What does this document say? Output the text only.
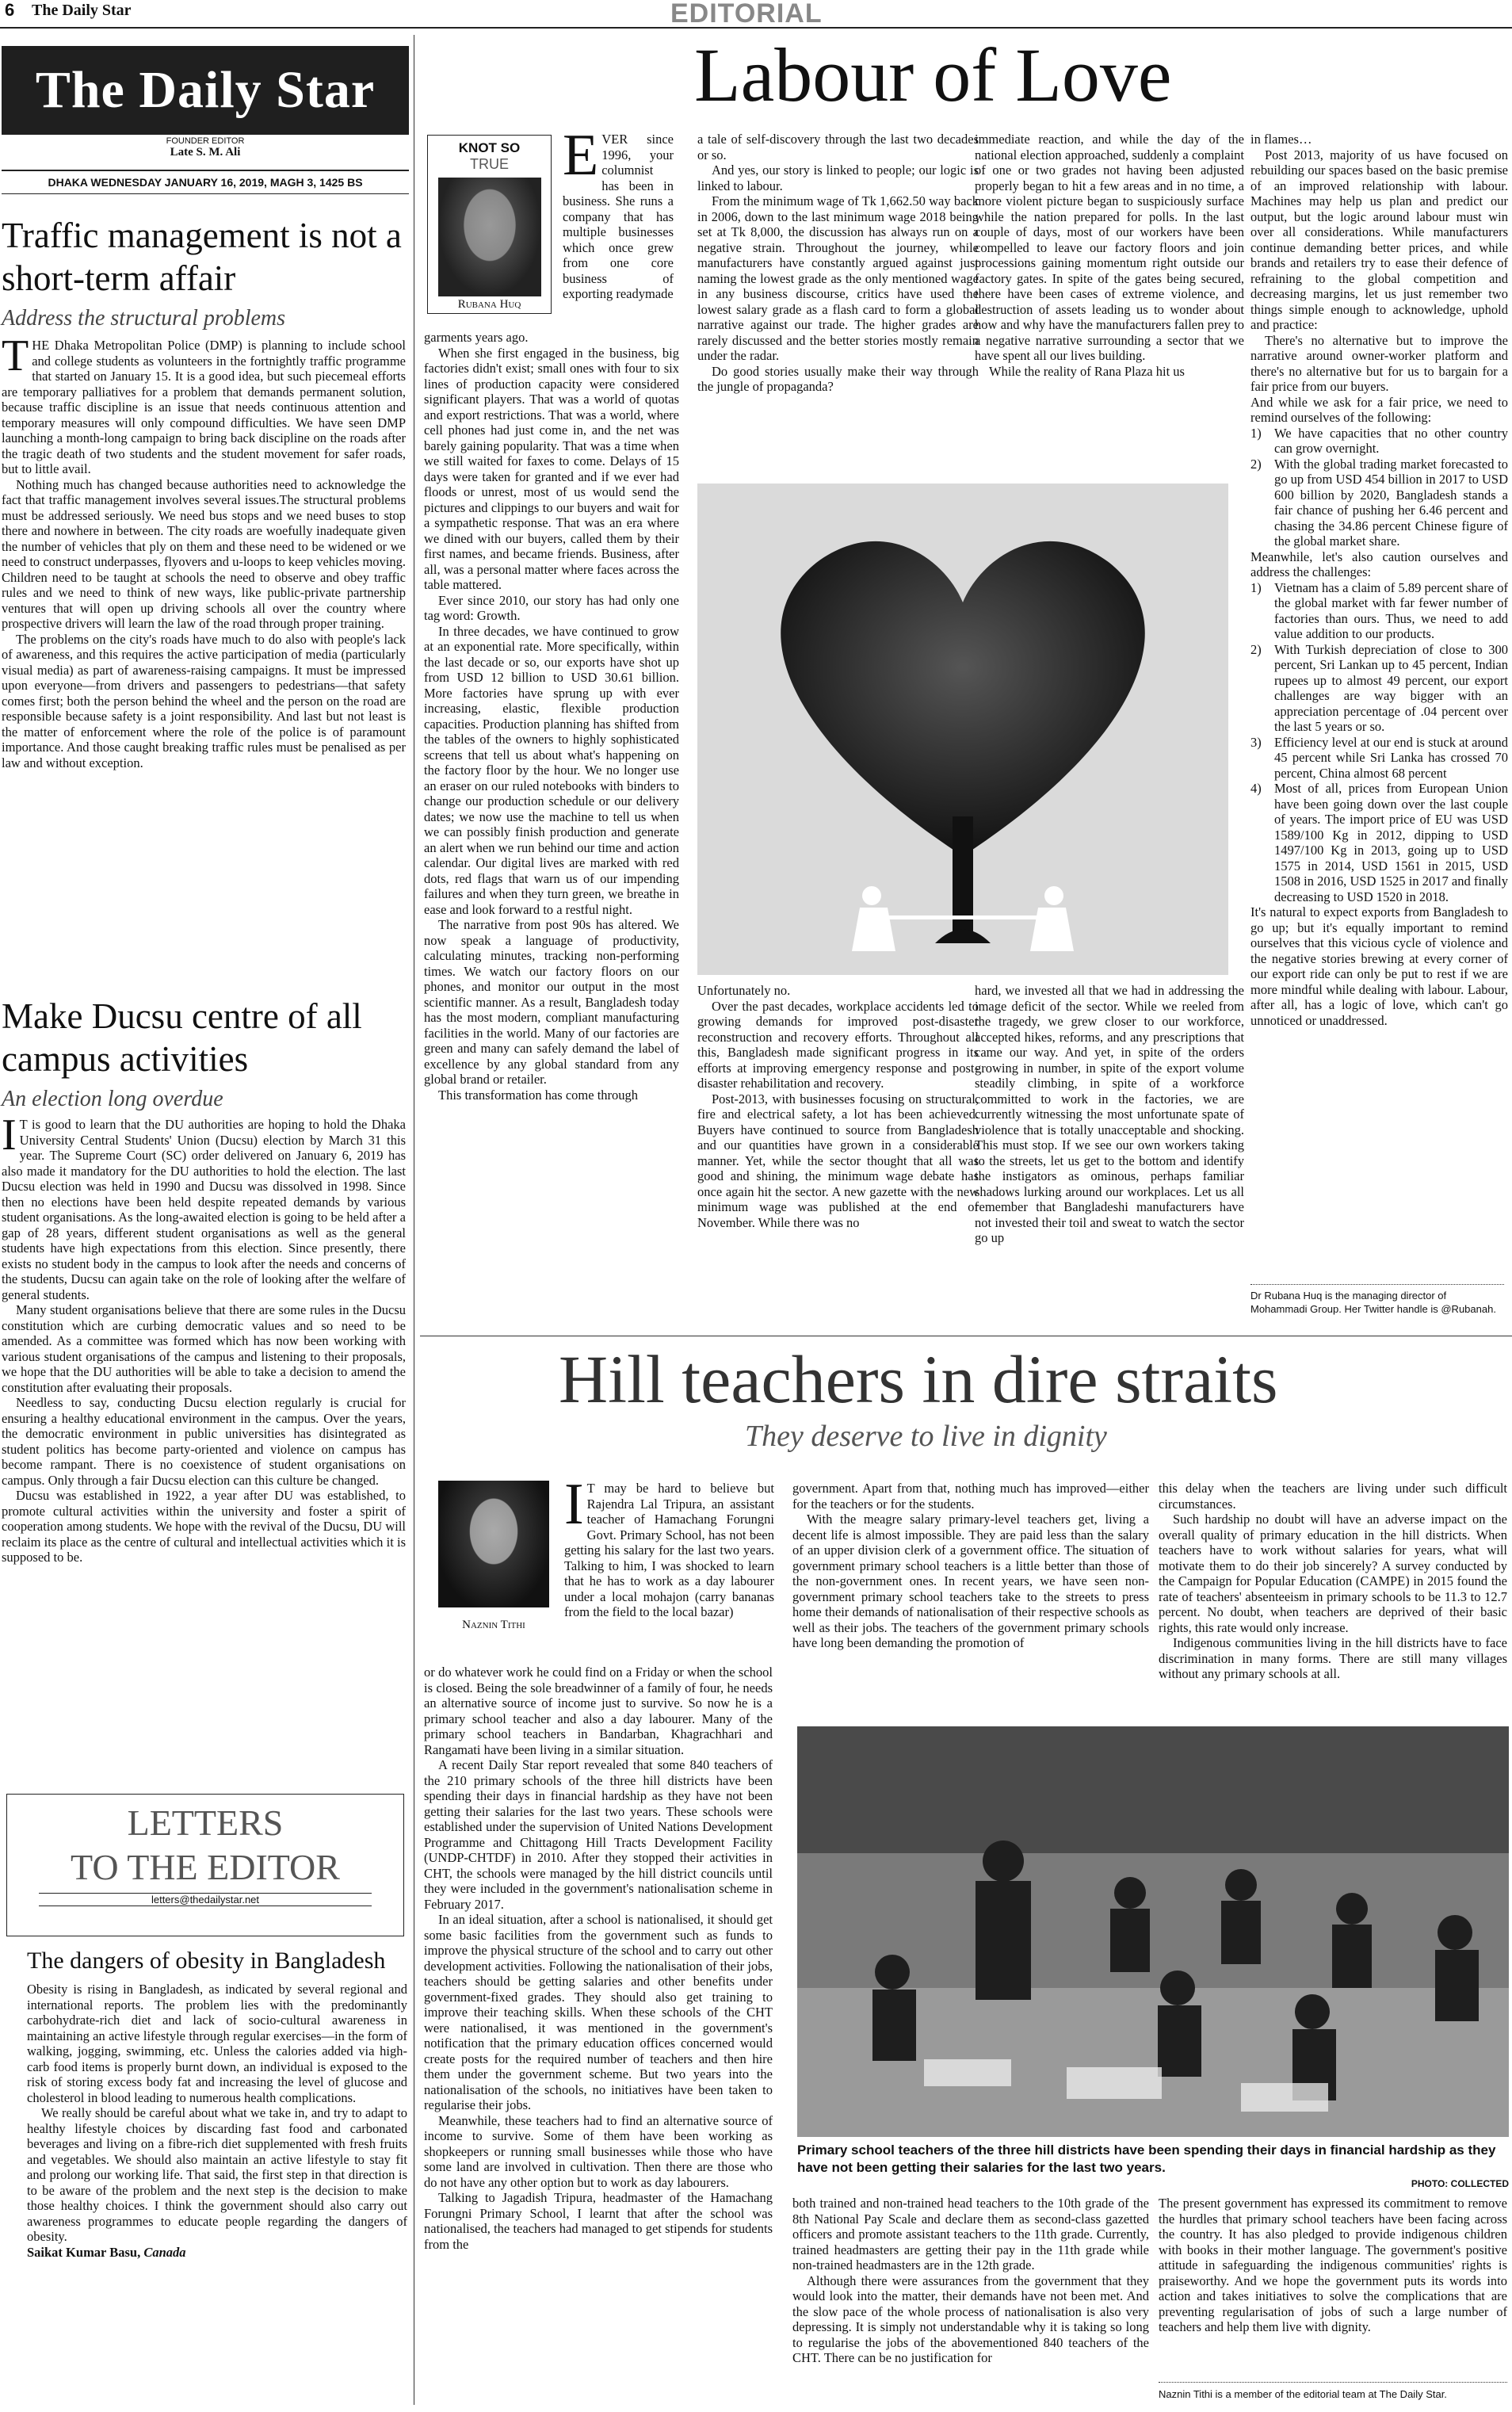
6 The Daily Star	EDITORIAL
The Daily Star
FOUNDER EDITOR
Late S. M. Ali
DHAKA WEDNESDAY JANUARY 16, 2019, MAGH 3, 1425 BS
Traffic management is not a short-term affair
Address the structural problems
T HE Dhaka Metropolitan Police (DMP) is planning to include school and college students as volunteers in the fortnightly traffic programme that started on January 15. It is a good idea, but such piecemeal efforts are temporary palliatives for a problem that demands permanent solution, because traffic discipline is an issue that needs continuous attention and temporary measures will only compound difficulties. We have seen DMP launching a month-long campaign to bring back discipline on the roads after the tragic death of two students and the student movement for safer roads, but to little avail.

Nothing much has changed because authorities need to acknowledge the fact that traffic management involves several issues.The structural problems must be addressed seriously. We need bus stops and we need buses to stop there and nowhere in between. The city roads are woefully inadequate given the number of vehicles that ply on them and these need to be widened or we need to construct underpasses, flyovers and u-loops to keep vehicles moving. Children need to be taught at schools the need to observe and obey traffic rules and we need to think of new ways, like public-private partnership ventures that will open up driving schools all over the country where prospective drivers will learn the law of the road through proper training.

The problems on the city's roads have much to do also with people's lack of awareness, and this requires the active participation of media (particularly visual media) as part of awareness-raising campaigns. It must be impressed upon everyone—from drivers and passengers to pedestrians—that safety comes first; both the person behind the wheel and the person on the road are responsible because safety is a joint responsibility. And last but not least is the matter of enforcement where the role of the police is of paramount importance. And those caught breaking traffic rules must be penalised as per law and without exception.

Make Ducsu centre of all campus activities
An election long overdue
I T is good to learn that the DU authorities are hoping to hold the Dhaka University Central Students' Union (Ducsu) election by March 31 this year. The Supreme Court (SC) order delivered on January 6, 2019 has also made it mandatory for the DU authorities to hold the election. The last Ducsu election was held in 1990 and Ducsu was dissolved in 1998. Since then no elections have been held despite repeated demands by various student organisations. As the long-awaited election is going to be held after a gap of 28 years, different student organisations as well as the general students have high expectations from this election. Since presently, there exists no student body in the campus to look after the needs and concerns of the students, Ducsu can again take on the role of looking after the welfare of general students.

Many student organisations believe that there are some rules in the Ducsu constitution which are curbing democratic values and so need to be amended. As a committee was formed which has now been working with various student organisations of the campus and listening to their proposals, we hope that the DU authorities will be able to take a decision to amend the constitution after evaluating their proposals.

Needless to say, conducting Ducsu election regularly is crucial for ensuring a healthy educational environment in the campus. Over the years, the democratic environment in public universities has disintegrated as student politics has become party-oriented and violence on campus has become rampant. There is no coexistence of student organisations on campus. Only through a fair Ducsu election can this culture be changed.

Ducsu was established in 1922, a year after DU was established, to promote cultural activities within the university and foster a spirit of cooperation among students. We hope with the revival of the Ducsu, DU will reclaim its place as the centre of cultural and intellectual activities which it is supposed to be.

LETTERS
TO THE EDITOR
letters@thedailystar.net
The dangers of obesity in Bangladesh

Obesity is rising in Bangladesh, as indicated by several regional and international reports. The problem lies with the predominantly carbohydrate-rich diet and lack of socio-cultural awareness in maintaining an active lifestyle through regular exercises—in the form of walking, jogging, swimming, etc. Unless the calories added via high-carb food items is properly burnt down, an individual is exposed to the risk of storing excess body fat and increasing the level of glucose and cholesterol in blood leading to numerous health complications.

We really should be careful about what we take in, and try to adapt to healthy lifestyle choices by discarding fast food and carbonated beverages and living on a fibre-rich diet supplemented with fresh fruits and vegetables. We should also maintain an active lifestyle to stay fit and prolong our working life. That said, the first step in that direction is to be aware of the problem and the next step is the decision to make those healthy choices. I think the government should also carry out awareness programmes to educate people regarding the dangers of obesity.

Saikat Kumar Basu, Canada

Labour of Love
KNOT SO
TRUE
Rubana Huq
E VER since 1996, your columnist has been in business. She runs a company that has multiple businesses which once grew from one core business of exporting readymade

garments years ago.

When she first engaged in the business, big factories didn't exist; small ones with four to six lines of production capacity were considered significant players. That was a world of quotas and export restrictions. That was a world, where cell phones had just come in, and the net was barely gaining popularity. That was a time when we still waited for faxes to come. Delays of 15 days were taken for granted and if we ever had floods or unrest, most of us would send the pictures and clippings to our buyers and wait for a sympathetic response. That was an era where we dined with our buyers, called them by their first names, and became friends. Business, after all, was a personal matter where faces across the table mattered.

Ever since 2010, our story has had only one tag word: Growth.

In three decades, we have continued to grow at an exponential rate. More specifically, within the last decade or so, our exports have shot up from USD 12 billion to USD 30.61 billion. More factories have sprung up with ever increasing, elastic, flexible production capacities. Production planning has shifted from the tables of the owners to highly sophisticated screens that tell us about what's happening on the factory floor by the hour. We no longer use an eraser on our ruled notebooks with binders to change our production schedule or our delivery dates; we now use the machine to tell us when we can possibly finish production and generate an alert when we run behind our time and action calendar. Our digital lives are marked with red dots, red flags that warn us of our impending failures and when they turn green, we breathe in ease and look forward to a restful night.

The narrative from post 90s has altered. We now speak a language of productivity, calculating minutes, tracking non-performing times. We watch our factory floors on our phones, and monitor our output in the most scientific manner. As a result, Bangladesh today has the most modern, compliant manufacturing facilities in the world. Many of our factories are green and many can safely demand the label of excellence by any global standard from any global brand or retailer.

This transformation has come through

a tale of self-discovery through the last two decades or so.

And yes, our story is linked to people; our logic is linked to labour.

From the minimum wage of Tk 1,662.50 way back in 2006, down to the last minimum wage 2018 being set at Tk 8,000, the discussion has always run on a negative strain. Throughout the journey, while manufacturers have constantly argued against just naming the lowest grade as the only mentioned wage in any business discourse, critics have used the lowest salary grade as a flash card to form a global narrative against our trade. The higher grades are rarely discussed and the better stories mostly remain under the radar.

Do good stories usually make their way through the jungle of propaganda?

immediate reaction, and while the day of the national election approached, suddenly a complaint of one or two grades not having been adjusted properly began to hit a few areas and in no time, a more violent picture began to suspiciously surface while the nation prepared for polls. In the last couple of days, most of our workers have been compelled to leave our factory floors and join processions gaining momentum right outside our factory gates. In spite of the gates being secured, there have been cases of extreme violence, and destruction of assets leading us to wonder about how and why have the manufacturers fallen prey to a negative narrative surrounding a sector that we have spent all our lives building.

While the reality of Rana Plaza hit us

Unfortunately no.

Over the past decades, workplace accidents led to growing demands for improved post-disaster reconstruction and recovery efforts. Throughout all this, Bangladesh made significant progress in its efforts at improving emergency response and post-disaster rehabilitation and recovery.

Post-2013, with businesses focusing on structural, fire and electrical safety, a lot has been achieved. Buyers have continued to source from Bangladesh and our quantities have grown in a considerable manner. Yet, while the sector thought that all was good and shining, the minimum wage debate has once again hit the sector. A new gazette with the new minimum wage was published at the end of November. While there was no

hard, we invested all that we had in addressing the image deficit of the sector. While we reeled from the tragedy, we grew closer to our workforce, accepted hikes, reforms, and any prescriptions that came our way. And yet, in spite of the orders growing in number, in spite of the export volume steadily climbing, in spite of a workforce committed to work in the factories, we are currently witnessing the most unfortunate spate of violence that is totally unacceptable and shocking. This must stop. If we see our own workers taking to the streets, let us get to the bottom and identify the instigators as ominous, perhaps familiar shadows lurking around our workplaces. Let us all remember that Bangladeshi manufacturers have not invested their toil and sweat to watch the sector go up

in flames…

Post 2013, majority of us have focused on rebuilding our spaces based on the basic premise of an improved relationship with labour. Machines may help us plan and predict our output, but the logic around labour must win over all considerations. While manufacturers continue demanding better prices, and while brands and retailers try to ease their defence of refraining to the global competition and decreasing margins, let us just remember two things simple enough to acknowledge, uphold and practice:

There's no alternative but to improve the narrative around owner-worker platform and there's no alternative but for us to bargain for a fair price from our buyers.

And while we ask for a fair price, we need to remind ourselves of the following:

1) We have capacities that no other country can grow overnight.
2) With the global trading market forecasted to go up from USD 454 billion in 2017 to USD 600 billion by 2020, Bangladesh stands a fair chance of pushing her 6.46 percent and chasing the 34.86 percent Chinese figure of the global market share.

Meanwhile, let's also caution ourselves and address the challenges:

1) Vietnam has a claim of 5.89 percent share of the global market with far fewer number of factories than ours. Thus, we need to add value addition to our products.
2) With Turkish depreciation of close to 300 percent, Sri Lankan up to 45 percent, Indian rupees up to almost 49 percent, our export challenges are way bigger with an appreciation percentage of .04 percent over the last 5 years or so.
3) Efficiency level at our end is stuck at around 45 percent while Sri Lanka has crossed 70 percent, China almost 68 percent
4) Most of all, prices from European Union have been going down over the last couple of years. The import price of EU was USD 1589/100 Kg in 2012, dipping to USD 1497/100 Kg in 2013, going up to USD 1575 in 2014, USD 1561 in 2015, USD 1508 in 2016, USD 1525 in 2017 and finally decreasing to USD 1520 in 2018.

It's natural to expect exports from Bangladesh to go up; but it's equally important to remind ourselves that this vicious cycle of violence and the negative stories brewing at every corner of our export ride can only be put to rest if we are more mindful while dealing with labour. Labour, after all, has a logic of love, which can't go unnoticed or unaddressed.

Dr Rubana Huq is the managing director of Mohammadi Group. Her Twitter handle is @Rubanah.
Hill teachers in dire straits
They deserve to live in dignity
Naznin Tithi
I T may be hard to believe but Rajendra Lal Tripura, an assistant teacher of Hamachang Forungni Govt. Primary School, has not been getting his salary for the last two years. Talking to him, I was shocked to learn that he has to work as a day labourer under a local mohajon (carry bananas from the field to the local bazar)

or do whatever work he could find on a Friday or when the school is closed. Being the sole breadwinner of a family of four, he needs an alternative source of income just to survive. So now he is a primary school teacher and also a day labourer. Many of the primary school teachers in Bandarban, Khagrachhari and Rangamati have been living in a similar situation.

A recent Daily Star report revealed that some 840 teachers of the 210 primary schools of the three hill districts have been spending their days in financial hardship as they have not been getting their salaries for the last two years. These schools were established under the supervision of United Nations Development Programme and Chittagong Hill Tracts Development Facility (UNDP-CHTDF) in 2010. After they stopped their activities in CHT, the schools were managed by the hill district councils until they were included in the government's nationalisation scheme in February 2017.

In an ideal situation, after a school is nationalised, it should get some basic facilities from the government such as funds to improve the physical structure of the school and to carry out other development activities. Following the nationalisation of their jobs, teachers should be getting salaries and other benefits under government-fixed grades. They should also get training to improve their teaching skills. When these schools of the CHT were nationalised, it was mentioned in the government's notification that the primary education offices concerned would create posts for the required number of teachers and then hire them under the government scheme. But two years into the nationalisation of the schools, no initiatives have been taken to regularise their jobs.

Meanwhile, these teachers had to find an alternative source of income to survive. Some of them have been working as shopkeepers or running small businesses while those who have some land are involved in cultivation. Then there are those who do not have any other option but to work as day labourers.

Talking to Jagadish Tripura, headmaster of the Hamachang Forungni Primary School, I learnt that after the school was nationalised, the teachers had managed to get stipends for students from the

government. Apart from that, nothing much has improved—either for the teachers or for the students.

With the meagre salary primary-level teachers get, living a decent life is almost impossible. They are paid less than the salary of an upper division clerk of a government office. The situation of government primary school teachers is a little better than those of the non-government ones. In recent years, we have seen non-government primary school teachers take to the streets to press home their demands of nationalisation of their respective schools as well as their jobs. The teachers of the government primary schools have long been demanding the promotion of

this delay when the teachers are living under such difficult circumstances.

Such hardship no doubt will have an adverse impact on the overall quality of primary education in the hill districts. When teachers have to work without salaries for years, what will motivate them to do their job sincerely? A survey conducted by the Campaign for Popular Education (CAMPE) in 2015 found the rate of teachers' absenteeism in primary schools to be 11.3 to 12.7 percent. No doubt, when teachers are deprived of their basic rights, this rate would only increase.

Indigenous communities living in the hill districts have to face discrimination in many forms. There are still many villages without any primary schools at all.

Primary school teachers of the three hill districts have been spending their days in financial hardship as they have not been getting their salaries for the last two years.
PHOTO: COLLECTED

both trained and non-trained head teachers to the 10th grade of the 8th National Pay Scale and declare them as second-class gazetted officers and promote assistant teachers to the 11th grade. Currently, trained headmasters are getting their pay in the 11th grade while non-trained headmasters are in the 12th grade.

Although there were assurances from the government that they would look into the matter, their demands have not been met. And the slow pace of the whole process of nationalisation is also very depressing. It is simply not understandable why it is taking so long to regularise the jobs of the abovementioned 840 teachers of the CHT. There can be no justification for

The present government has expressed its commitment to remove the hurdles that primary school teachers have been facing across the country. It has also pledged to provide indigenous children with books in their mother language. The government's positive attitude in safeguarding the indigenous communities' rights is praiseworthy. And we hope the government puts its words into action and takes initiatives to solve the complications that are preventing regularisation of jobs of such a large number of teachers and help them live with dignity.

Naznin Tithi is a member of the editorial team at The Daily Star.
